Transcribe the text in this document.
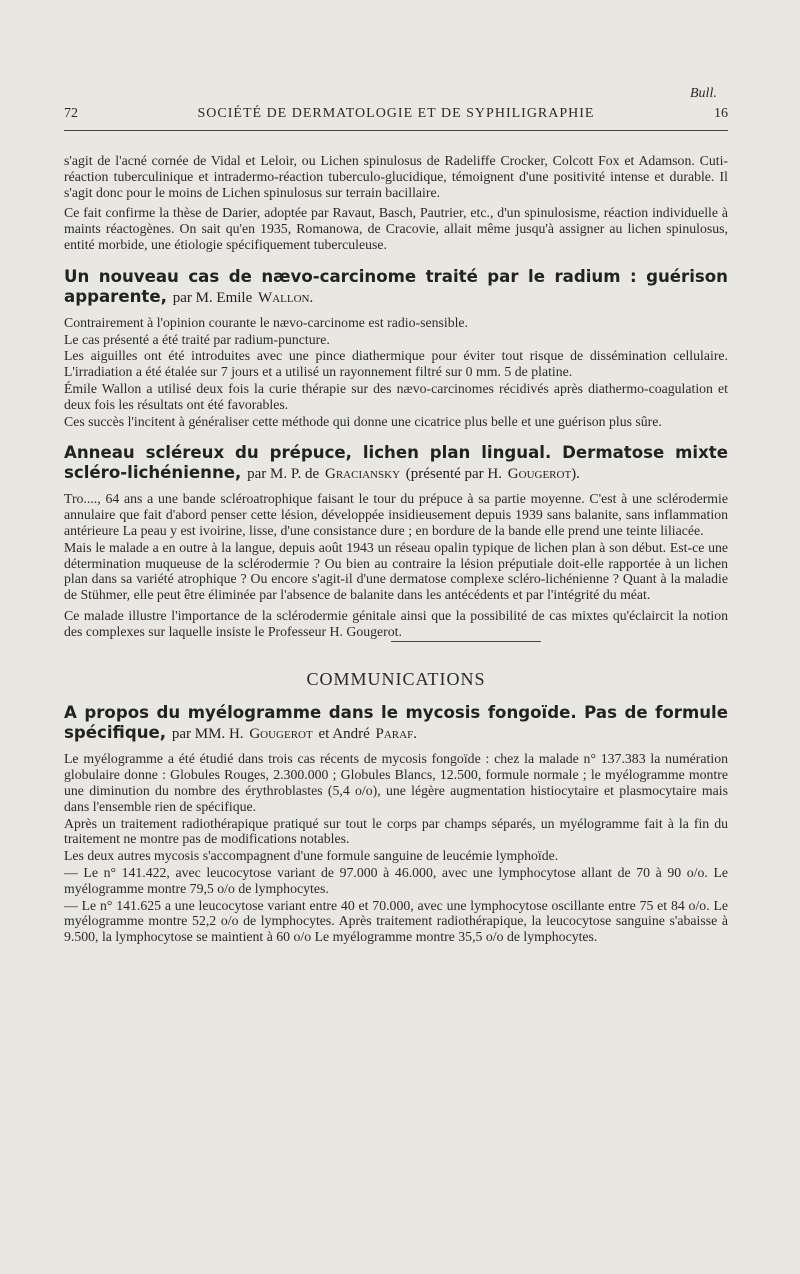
Bull.
72	SOCIÉTÉ DE DERMATOLOGIE ET DE SYPHILIGRAPHIE	16

s'agit de l'acné cornée de Vidal et Leloir, ou Lichen spinulosus de Radeliffe Crocker, Colcott Fox et Adamson. Cuti-réaction tuberculinique et intradermo-réaction tuberculo-glucidique, témoignent d'une positivité intense et durable. Il s'agit donc pour le moins de Lichen spinulosus sur terrain bacillaire.

Ce fait confirme la thèse de Darier, adoptée par Ravaut, Basch, Pautrier, etc., d'un spinulosisme, réaction individuelle à maints réactogènes. On sait qu'en 1935, Romanowa, de Cracovie, allait même jusqu'à assigner au lichen spinulosus, entité morbide, une étiologie spécifiquement tuberculeuse.

Un nouveau cas de nævo-carcinome traité par le radium : guérison apparente, par M. Emile Wallon.

Contrairement à l'opinion courante le nævo-carcinome est radio-sensible.

Le cas présenté a été traité par radium-puncture.

Les aiguilles ont été introduites avec une pince diathermique pour éviter tout risque de dissémination cellulaire. L'irradiation a été étalée sur 7 jours et a utilisé un rayonnement filtré sur 0 mm. 5 de platine.

Émile Wallon a utilisé deux fois la curie thérapie sur des nævo-carcinomes récidivés après diathermo-coagulation et deux fois les résultats ont été favorables.

Ces succès l'incitent à généraliser cette méthode qui donne une cicatrice plus belle et une guérison plus sûre.

Anneau scléreux du prépuce, lichen plan lingual. Dermatose mixte scléro-lichénienne, par M. P. de Graciansky (présenté par H. Gougerot).

Tro...., 64 ans a une bande scléroatrophique faisant le tour du prépuce à sa partie moyenne. C'est à une sclérodermie annulaire que fait d'abord penser cette lésion, développée insidieusement depuis 1939 sans balanite, sans inflammation antérieure La peau y est ivoirine, lisse, d'une consistance dure ; en bordure de la bande elle prend une teinte liliacée.

Mais le malade a en outre à la langue, depuis août 1943 un réseau opalin typique de lichen plan à son début. Est-ce une détermination muqueuse de la sclérodermie ? Ou bien au contraire la lésion préputiale doit-elle rapportée à un lichen plan dans sa variété atrophique ? Ou encore s'agit-il d'une dermatose complexe scléro-lichénienne ? Quant à la maladie de Stühmer, elle peut être éliminée par l'absence de balanite dans les antécédents et par l'intégrité du méat.

Ce malade illustre l'importance de la sclérodermie génitale ainsi que la possibilité de cas mixtes qu'éclaircit la notion des complexes sur laquelle insiste le Professeur H. Gougerot.

COMMUNICATIONS
A propos du myélogramme dans le mycosis fongoïde. Pas de formule spécifique, par MM. H. Gougerot et André Paraf.

Le myélogramme a été étudié dans trois cas récents de mycosis fongoïde : chez la malade n° 137.383 la numération globulaire donne : Globules Rouges, 2.300.000 ; Globules Blancs, 12.500, formule normale ; le myélogramme montre une diminution du nombre des érythroblastes (5,4 o/o), une légère augmentation histiocytaire et plasmocytaire mais dans l'ensemble rien de spécifique.

Après un traitement radiothérapique pratiqué sur tout le corps par champs séparés, un myélogramme fait à la fin du traitement ne montre pas de modifications notables.

Les deux autres mycosis s'accompagnent d'une formule sanguine de leucémie lymphoïde.

— Le n° 141.422, avec leucocytose variant de 97.000 à 46.000, avec une lymphocytose allant de 70 à 90 o/o. Le myélogramme montre 79,5 o/o de lymphocytes.

— Le n° 141.625 a une leucocytose variant entre 40 et 70.000, avec une lymphocytose oscillante entre 75 et 84 o/o. Le myélogramme montre 52,2 o/o de lymphocytes. Après traitement radiothérapique, la leucocytose sanguine s'abaisse à 9.500, la lymphocytose se maintient à 60 o/o Le myélogramme montre 35,5 o/o de lymphocytes.
